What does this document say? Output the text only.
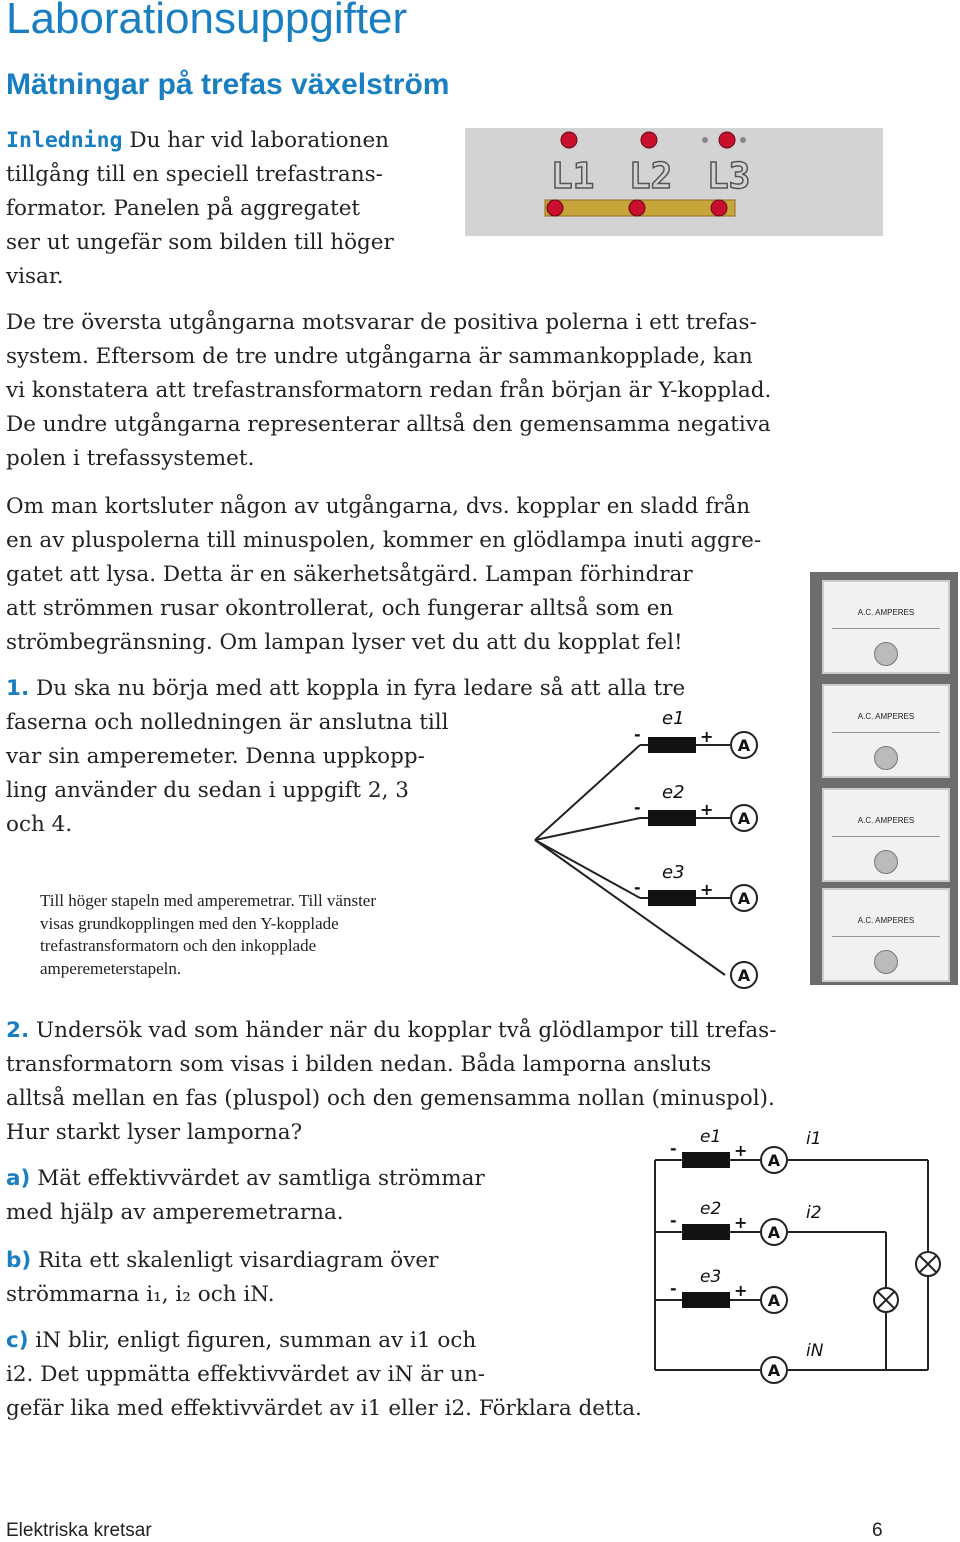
Laborationsuppgifter
Mätningar på trefas växelström
Inledning Du har vid laborationen
tillgång till en speciell trefastrans-
formator. Panelen på aggregatet
ser ut ungefär som bilden till höger
visar.
L1 L2 L3
De tre översta utgångarna motsvarar de positiva polerna i ett trefas-
system. Eftersom de tre undre utgångarna är sammankopplade, kan
vi konstatera att trefastransformatorn redan från början är Y-kopplad.
De undre utgångarna representerar alltså den gemensamma negativa
polen i trefassystemet.
Om man kortsluter någon av utgångarna, dvs. kopplar en sladd från
en av pluspolerna till minuspolen, kommer en glödlampa inuti aggre-
gatet att lysa. Detta är en säkerhetsåtgärd. Lampan förhindrar
att strömmen rusar okontrollerat, och fungerar alltså som en
strömbegränsning. Om lampan lyser vet du att du kopplat fel!
1. Du ska nu börja med att koppla in fyra ledare så att alla tre
faserna och nolledningen är anslutna till
var sin amperemeter. Denna uppkopp-
ling använder du sedan i uppgift 2, 3
och 4.
A
A
A
A
-	+
-	+
-	+
e1
e2
e3
A.C. AMPERES
A.C. AMPERES
A.C. AMPERES
A.C. AMPERES
Till höger stapeln med amperemetrar. Till vänster
visas grundkopplingen med den Y-kopplade
trefastransformatorn och den inkopplade
amperemeterstapeln.
2. Undersök vad som händer när du kopplar två glödlampor till trefas-
transformatorn som visas i bilden nedan. Båda lamporna ansluts
alltså mellan en fas (pluspol) och den gemensamma nollan (minuspol).
Hur starkt lyser lamporna?
a) Mät effektivvärdet av samtliga strömmar
med hjälp av amperemetrarna.
b) Rita ett skalenligt visardiagram över
strömmarna i₁, i₂ och iN.
c) iN blir, enligt figuren, summan av i1 och
i2. Det uppmätta effektivvärdet av iN är un-
gefär lika med effektivvärdet av i1 eller i2. Förklara detta.
A
A
A
A
-	+
-	+
-	+
e1
e2
e3
i1
i2
iN
Elektriska kretsar	6
